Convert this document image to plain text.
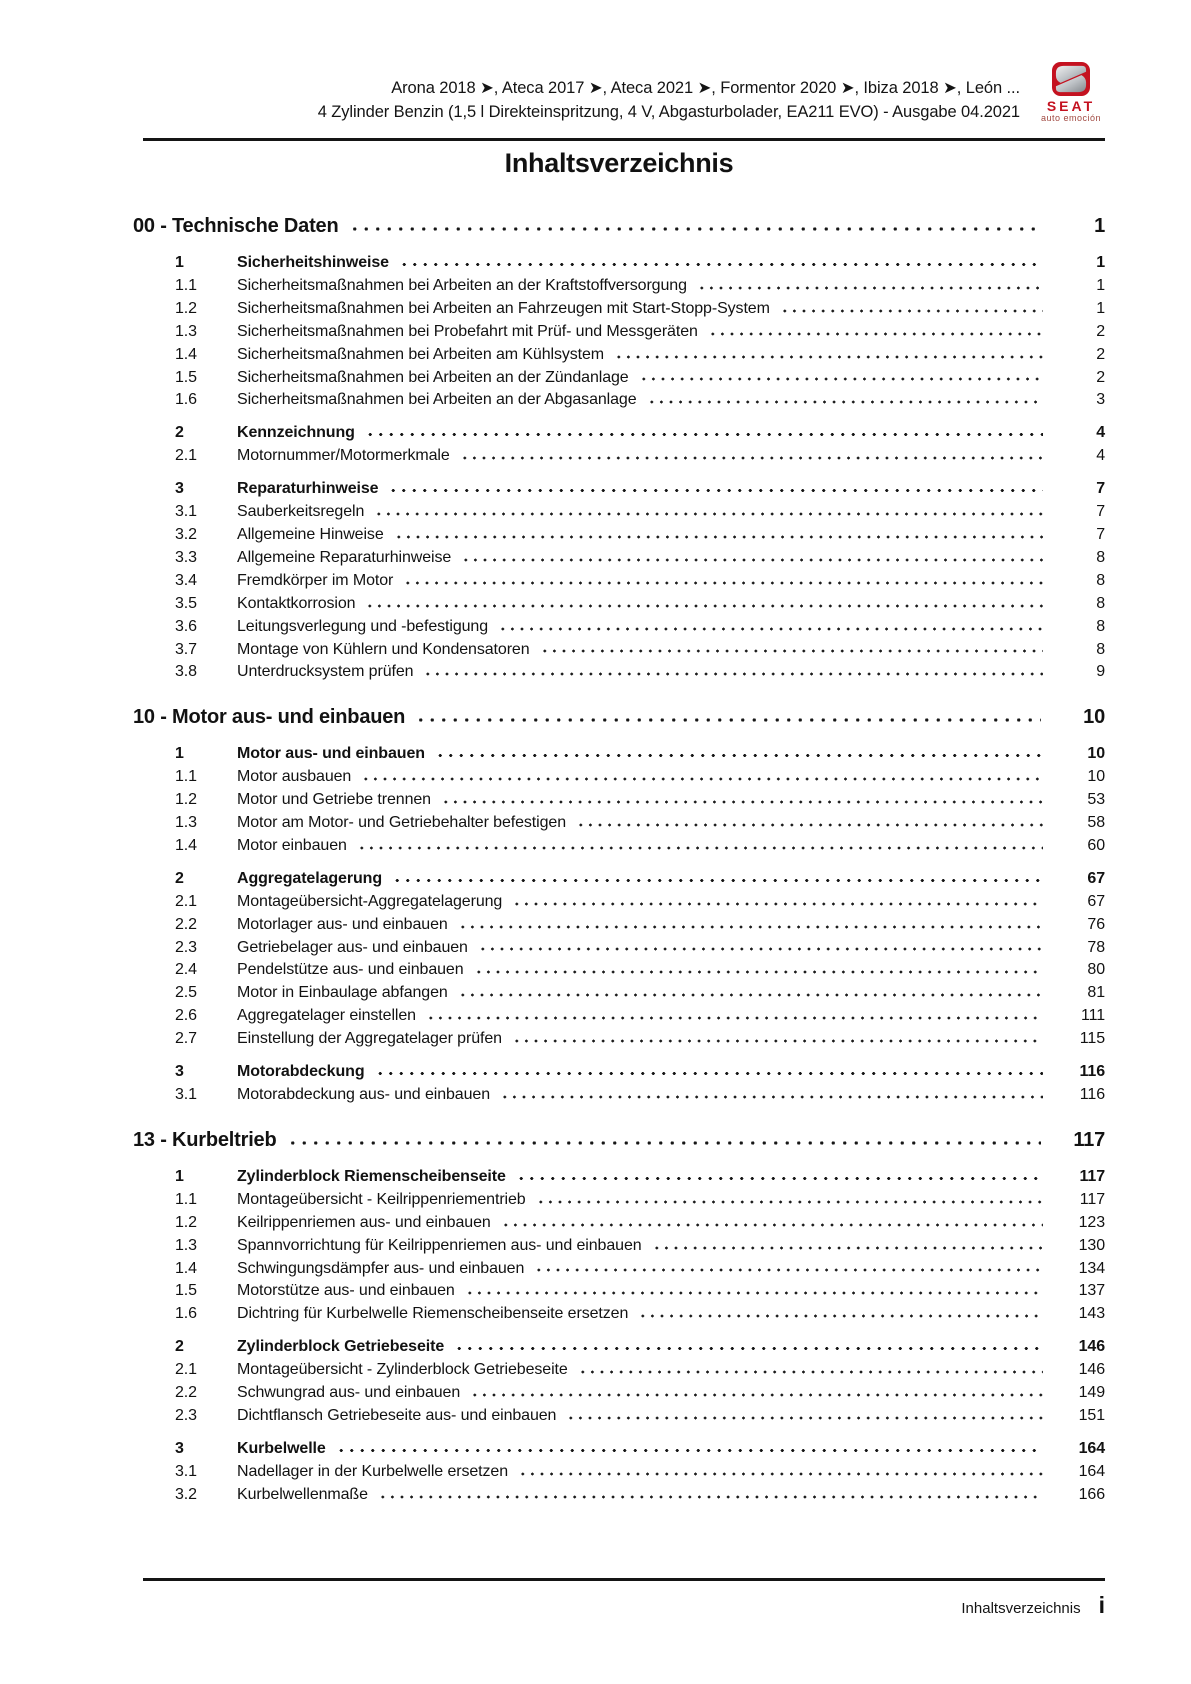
Arona 2018 ➤, Ateca 2017 ➤, Ateca 2021 ➤, Formentor 2020 ➤, Ibiza 2018 ➤, León ...
4 Zylinder Benzin (1,5 l Direkteinspritzung, 4 V, Abgasturbolader, EA211 EVO) - Ausgabe 04.2021	SEAT
auto emoción
Inhaltsverzeichnis
00 - Technische Daten	1
1	Sicherheitshinweise	1
1.1	Sicherheitsmaßnahmen bei Arbeiten an der Kraftstoffversorgung	1
1.2	Sicherheitsmaßnahmen bei Arbeiten an Fahrzeugen mit Start-Stopp-System	1
1.3	Sicherheitsmaßnahmen bei Probefahrt mit Prüf- und Messgeräten	2
1.4	Sicherheitsmaßnahmen bei Arbeiten am Kühlsystem	2
1.5	Sicherheitsmaßnahmen bei Arbeiten an der Zündanlage	2
1.6	Sicherheitsmaßnahmen bei Arbeiten an der Abgasanlage	3
2	Kennzeichnung	4
2.1	Motornummer/Motormerkmale	4
3	Reparaturhinweise	7
3.1	Sauberkeitsregeln	7
3.2	Allgemeine Hinweise	7
3.3	Allgemeine Reparaturhinweise	8
3.4	Fremdkörper im Motor	8
3.5	Kontaktkorrosion	8
3.6	Leitungsverlegung und -befestigung	8
3.7	Montage von Kühlern und Kondensatoren	8
3.8	Unterdrucksystem prüfen	9
10 - Motor aus- und einbauen	10
1	Motor aus- und einbauen	10
1.1	Motor ausbauen	10
1.2	Motor und Getriebe trennen	53
1.3	Motor am Motor- und Getriebehalter befestigen	58
1.4	Motor einbauen	60
2	Aggregatelagerung	67
2.1	Montageübersicht-Aggregatelagerung	67
2.2	Motorlager aus- und einbauen	76
2.3	Getriebelager aus- und einbauen	78
2.4	Pendelstütze aus- und einbauen	80
2.5	Motor in Einbaulage abfangen	81
2.6	Aggregatelager einstellen	111
2.7	Einstellung der Aggregatelager prüfen	115
3	Motorabdeckung	116
3.1	Motorabdeckung aus- und einbauen	116
13 - Kurbeltrieb	117
1	Zylinderblock Riemenscheibenseite	117
1.1	Montageübersicht - Keilrippenriementrieb	117
1.2	Keilrippenriemen aus- und einbauen	123
1.3	Spannvorrichtung für Keilrippenriemen aus- und einbauen	130
1.4	Schwingungsdämpfer aus- und einbauen	134
1.5	Motorstütze aus- und einbauen	137
1.6	Dichtring für Kurbelwelle Riemenscheibenseite ersetzen	143
2	Zylinderblock Getriebeseite	146
2.1	Montageübersicht - Zylinderblock Getriebeseite	146
2.2	Schwungrad aus- und einbauen	149
2.3	Dichtflansch Getriebeseite aus- und einbauen	151
3	Kurbelwelle	164
3.1	Nadellager in der Kurbelwelle ersetzen	164
3.2	Kurbelwellenmaße	166
Inhaltsverzeichnis i
